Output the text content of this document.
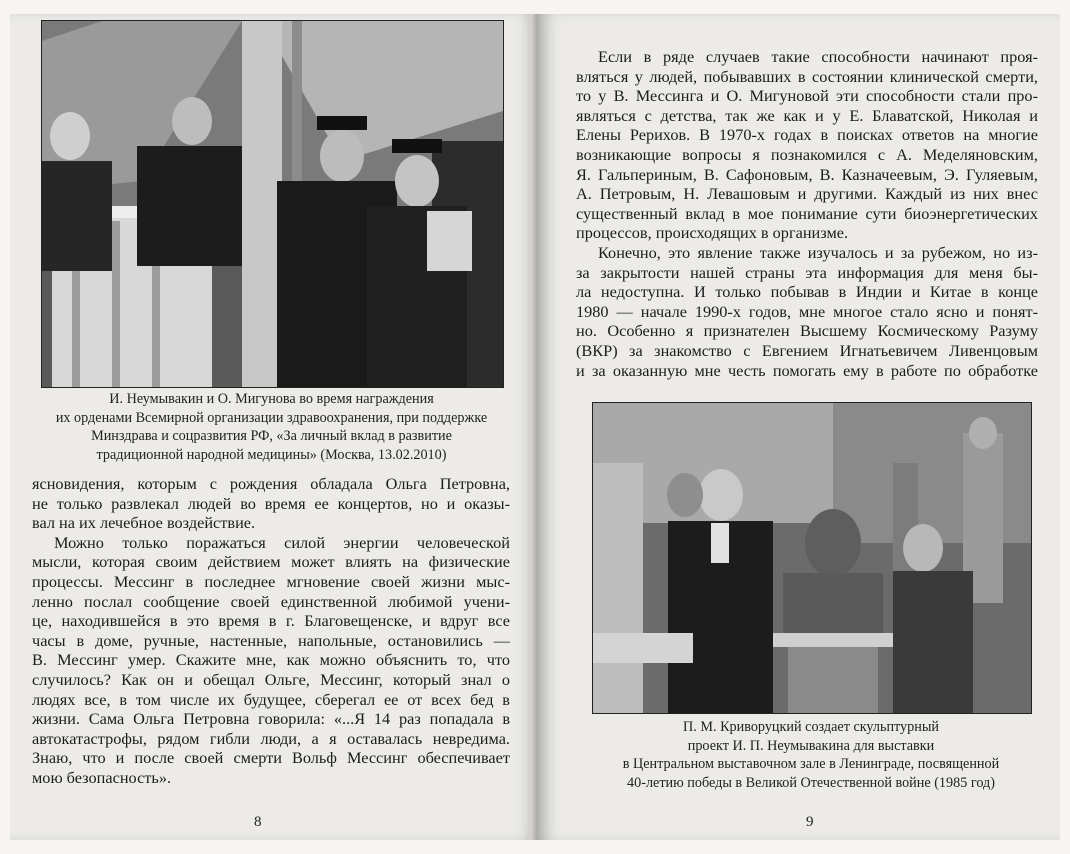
И. Неумывакин и О. Мигунова во время награждения
их орденами Всемирной организации здравоохранения, при поддержке
Минздрава и соцразвития РФ, «За личный вклад в развитие
традиционной народной медицины» (Москва, 13.02.2010)
ясновидения, которым с рождения обладала Ольга Петровна,
не только развлекал людей во время ее концертов, но и оказы-
вал на их лечебное воздействие.
Можно только поражаться силой энергии человеческой
мысли, которая своим действием может влиять на физические
процессы. Мессинг в последнее мгновение своей жизни мыс-
ленно послал сообщение своей единственной любимой учени-
це, находившейся в это время в г. Благовещенске, и вдруг все
часы в доме, ручные, настенные, напольные, остановились —
В. Мессинг умер. Скажите мне, как можно объяснить то, что
случилось? Как он и обещал Ольге, Мессинг, который знал о
людях все, в том числе их будущее, сберегал ее от всех бед в
жизни. Сама Ольга Петровна говорила: «...Я 14 раз попадала в
автокатастрофы, рядом гибли люди, а я оставалась невредима.
Знаю, что и после своей смерти Вольф Мессинг обеспечивает
мою безопасность».
8
Если в ряде случаев такие способности начинают проя-
вляться у людей, побывавших в состоянии клинической смерти,
то у В. Мессинга и О. Мигуновой эти способности стали про-
являться с детства, так же как и у Е. Блаватской, Николая и
Елены Рерихов. В 1970-х годах в поисках ответов на многие
возникающие вопросы я познакомился с А. Меделяновским,
Я. Гальпериным, В. Сафоновым, В. Казначеевым, Э. Гуляевым,
А. Петровым, Н. Левашовым и другими. Каждый из них внес
существенный вклад в мое понимание сути биоэнергетических
процессов, происходящих в организме.
Конечно, это явление также изучалось и за рубежом, но из-
за закрытости нашей страны эта информация для меня бы-
ла недоступна. И только побывав в Индии и Китае в конце
1980 — начале 1990-х годов, мне многое стало ясно и понят-
но. Особенно я признателен Высшему Космическому Разуму
(ВКР) за знакомство с Евгением Игнатьевичем Ливенцовым
и за оказанную мне честь помогать ему в работе по обработке
П. М. Криворуцкий создает скульптурный
проект И. П. Неумывакина для выставки
в Центральном выставочном зале в Ленинграде, посвященной
40-летию победы в Великой Отечественной войне (1985 год)
9
